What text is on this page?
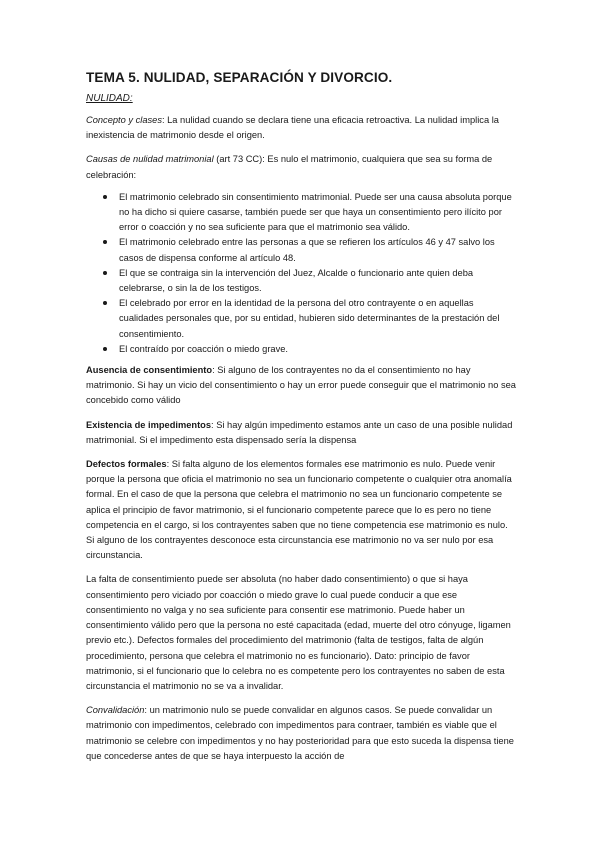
TEMA 5. NULIDAD, SEPARACIÓN Y DIVORCIO.
NULIDAD:

Concepto y clases: La nulidad cuando se declara tiene una eficacia retroactiva. La nulidad implica la inexistencia de matrimonio desde el origen.

Causas de nulidad matrimonial (art 73 CC): Es nulo el matrimonio, cualquiera que sea su forma de celebración:

El matrimonio celebrado sin consentimiento matrimonial. Puede ser una causa absoluta porque no ha dicho si quiere casarse, también puede ser que haya un consentimiento pero ilícito por error o coacción y no sea suficiente para que el matrimonio sea válido.
El matrimonio celebrado entre las personas a que se refieren los artículos 46 y 47 salvo los casos de dispensa conforme al artículo 48.
El que se contraiga sin la intervención del Juez, Alcalde o funcionario ante quien deba celebrarse, o sin la de los testigos.
El celebrado por error en la identidad de la persona del otro contrayente o en aquellas cualidades personales que, por su entidad, hubieren sido determinantes de la prestación del consentimiento.
El contraído por coacción o miedo grave.

Ausencia de consentimiento: Si alguno de los contrayentes no da el consentimiento no hay matrimonio. Si hay un vicio del consentimiento o hay un error puede conseguir que el matrimonio no sea concebido como válido

Existencia de impedimentos: Si hay algún impedimento estamos ante un caso de una posible nulidad matrimonial. Si el impedimento esta dispensado sería la dispensa

Defectos formales: Si falta alguno de los elementos formales ese matrimonio es nulo. Puede venir porque la persona que oficia el matrimonio no sea un funcionario competente o cualquier otra anomalía formal. En el caso de que la persona que celebra el matrimonio no sea un funcionario competente se aplica el principio de favor matrimonio, si el funcionario competente parece que lo es pero no tiene competencia en el cargo, si los contrayentes saben que no tiene competencia ese matrimonio es nulo. Si alguno de los contrayentes desconoce esta circunstancia ese matrimonio no va ser nulo por esa circunstancia.

La falta de consentimiento puede ser absoluta (no haber dado consentimiento) o que si haya consentimiento pero viciado por coacción o miedo grave lo cual puede conducir a que ese consentimiento no valga y no sea suficiente para consentir ese matrimonio. Puede haber un consentimiento válido pero que la persona no esté capacitada (edad, muerte del otro cónyuge, ligamen previo etc.). Defectos formales del procedimiento del matrimonio (falta de testigos, falta de algún procedimiento, persona que celebra el matrimonio no es funcionario). Dato: principio de favor matrimonio, si el funcionario que lo celebra no es competente pero los contrayentes no saben de esta circunstancia el matrimonio no se va a invalidar.

Convalidación: un matrimonio nulo se puede convalidar en algunos casos. Se puede convalidar un matrimonio con impedimentos, celebrado con impedimentos para contraer, también es viable que el matrimonio se celebre con impedimentos y no hay posterioridad para que esto suceda la dispensa tiene que concederse antes de que se haya interpuesto la acción de
